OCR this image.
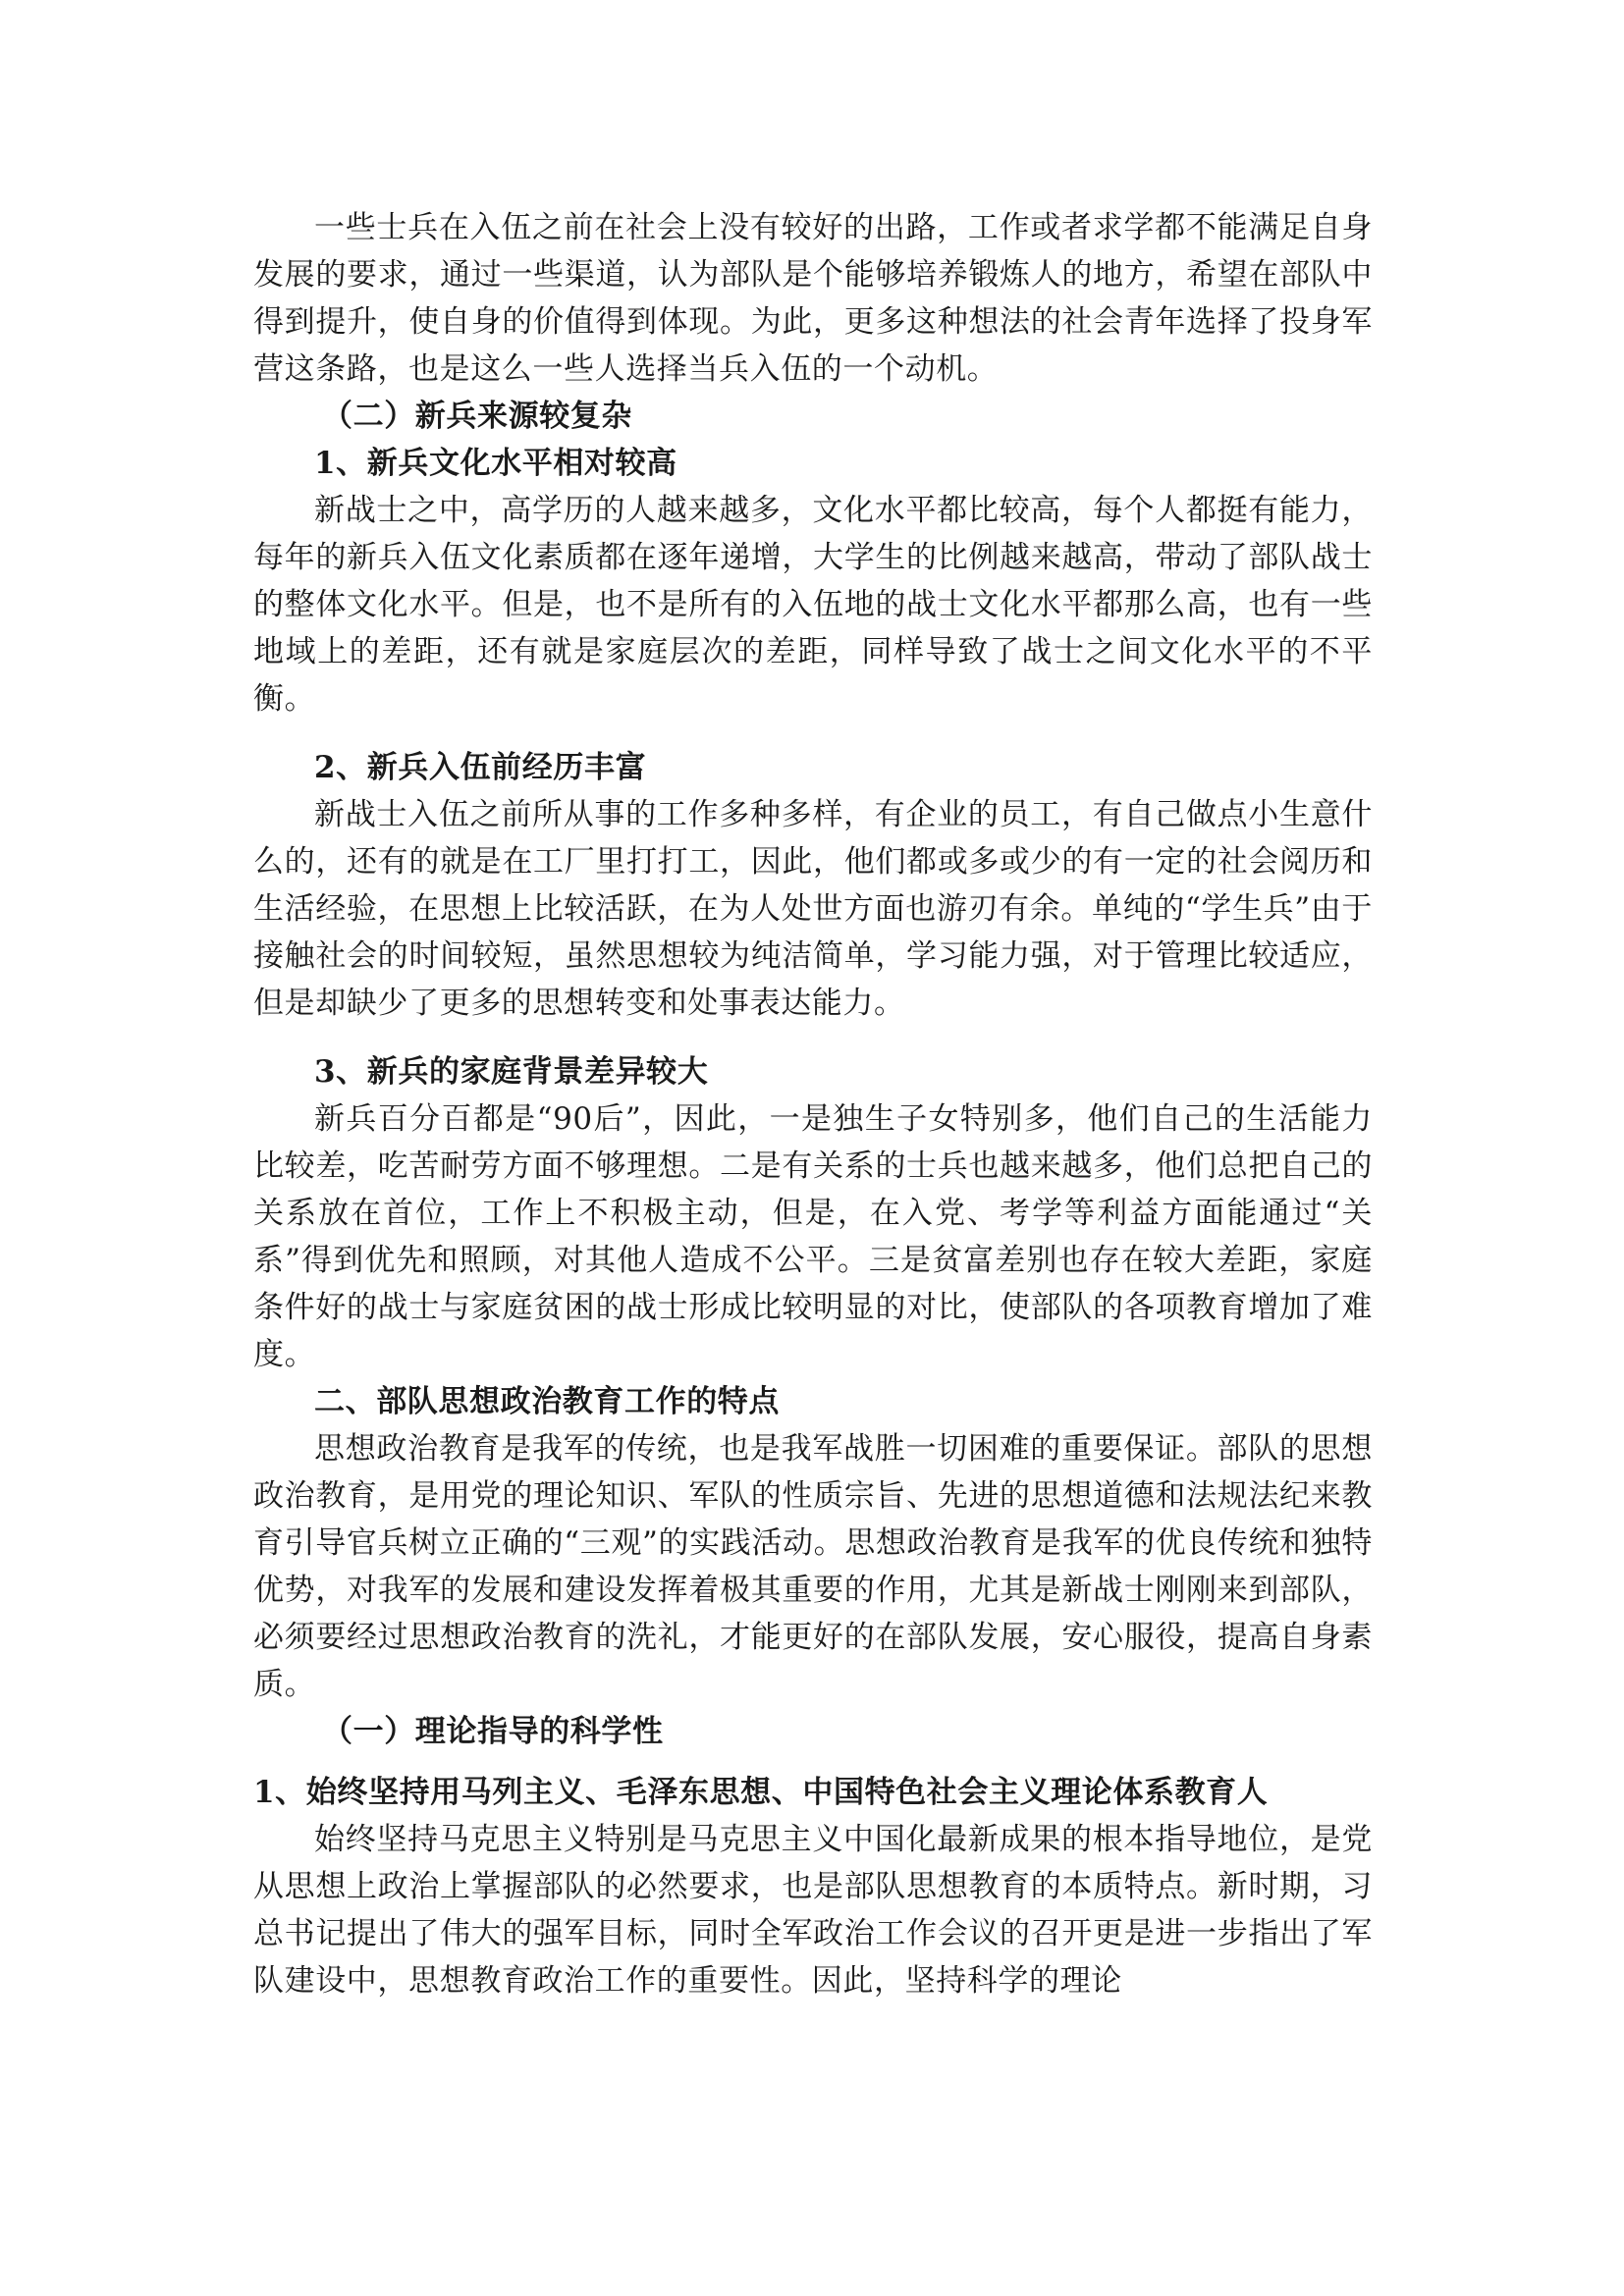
一些士兵在入伍之前在社会上没有较好的出路，工作或者求学都不能满足自身发展的要求，通过一些渠道，认为部队是个能够培养锻炼人的地方，希望在部队中得到提升，使自身的价值得到体现。为此，更多这种想法的社会青年选择了投身军营这条路，也是这么一些人选择当兵入伍的一个动机。

（二）新兵来源较复杂

1、新兵文化水平相对较高

新战士之中，高学历的人越来越多，文化水平都比较高，每个人都挺有能力，每年的新兵入伍文化素质都在逐年递增，大学生的比例越来越高，带动了部队战士的整体文化水平。但是，也不是所有的入伍地的战士文化水平都那么高，也有一些地域上的差距，还有就是家庭层次的差距，同样导致了战士之间文化水平的不平衡。

2、新兵入伍前经历丰富

新战士入伍之前所从事的工作多种多样，有企业的员工，有自己做点小生意什么的，还有的就是在工厂里打打工，因此，他们都或多或少的有一定的社会阅历和生活经验，在思想上比较活跃，在为人处世方面也游刃有余。单纯的“学生兵”由于接触社会的时间较短，虽然思想较为纯洁简单，学习能力强，对于管理比较适应，但是却缺少了更多的思想转变和处事表达能力。

3、新兵的家庭背景差异较大

新兵百分百都是“90后”，因此，一是独生子女特别多，他们自己的生活能力比较差，吃苦耐劳方面不够理想。二是有关系的士兵也越来越多，他们总把自己的关系放在首位，工作上不积极主动，但是，在入党、考学等利益方面能通过“关系”得到优先和照顾，对其他人造成不公平。三是贫富差别也存在较大差距，家庭条件好的战士与家庭贫困的战士形成比较明显的对比，使部队的各项教育增加了难度。

二、部队思想政治教育工作的特点

思想政治教育是我军的传统，也是我军战胜一切困难的重要保证。部队的思想政治教育，是用党的理论知识、军队的性质宗旨、先进的思想道德和法规法纪来教育引导官兵树立正确的“三观”的实践活动。思想政治教育是我军的优良传统和独特优势，对我军的发展和建设发挥着极其重要的作用，尤其是新战士刚刚来到部队，必须要经过思想政治教育的洗礼，才能更好的在部队发展，安心服役，提高自身素质。

（一）理论指导的科学性

1、始终坚持用马列主义、毛泽东思想、中国特色社会主义理论体系教育人

始终坚持马克思主义特别是马克思主义中国化最新成果的根本指导地位，是党从思想上政治上掌握部队的必然要求，也是部队思想教育的本质特点。新时期，习总书记提出了伟大的强军目标，同时全军政治工作会议的召开更是进一步指出了军队建设中，思想教育政治工作的重要性。因此，坚持科学的理论
